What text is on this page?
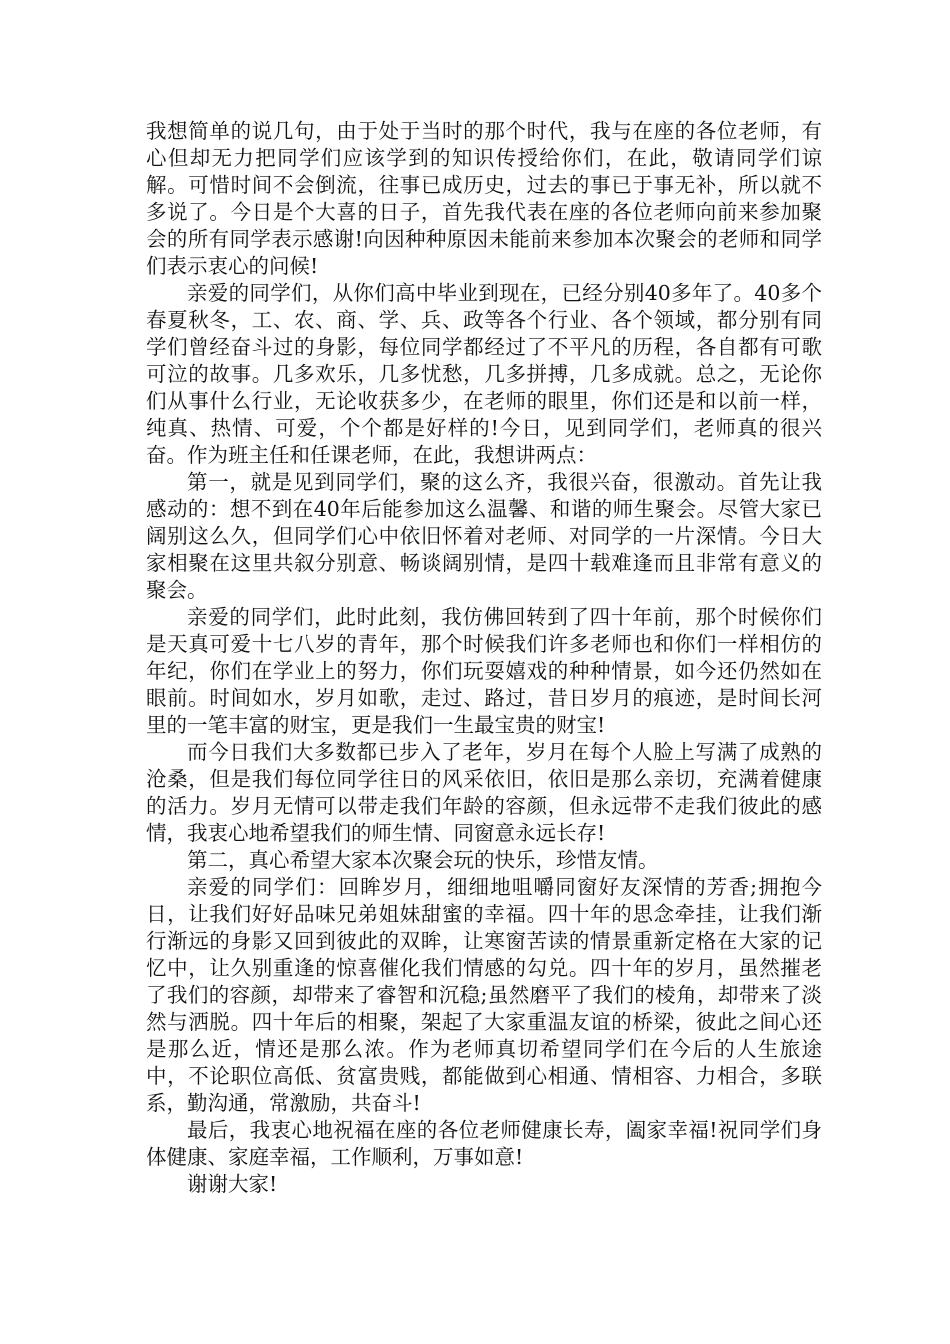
我想简单的说几句，由于处于当时的那个时代，我与在座的各位老师，有心但却无力把同学们应该学到的知识传授给你们，在此，敬请同学们谅解。可惜时间不会倒流，往事已成历史，过去的事已于事无补，所以就不多说了。今日是个大喜的日子，首先我代表在座的各位老师向前来参加聚会的所有同学表示感谢!向因种种原因未能前来参加本次聚会的老师和同学们表示衷心的问候!

亲爱的同学们，从你们高中毕业到现在，已经分别40多年了。40多个春夏秋冬，工、农、商、学、兵、政等各个行业、各个领域，都分别有同学们曾经奋斗过的身影，每位同学都经过了不平凡的历程，各自都有可歌可泣的故事。几多欢乐，几多忧愁，几多拼搏，几多成就。总之，无论你们从事什么行业，无论收获多少，在老师的眼里，你们还是和以前一样，纯真、热情、可爱，个个都是好样的!今日，见到同学们，老师真的很兴奋。作为班主任和任课老师，在此，我想讲两点：

第一，就是见到同学们，聚的这么齐，我很兴奋，很激动。首先让我感动的：想不到在40年后能参加这么温馨、和谐的师生聚会。尽管大家已阔别这么久，但同学们心中依旧怀着对老师、对同学的一片深情。今日大家相聚在这里共叙分别意、畅谈阔别情，是四十载难逢而且非常有意义的聚会。

亲爱的同学们，此时此刻，我仿佛回转到了四十年前，那个时候你们是天真可爱十七八岁的青年，那个时候我们许多老师也和你们一样相仿的年纪，你们在学业上的努力，你们玩耍嬉戏的种种情景，如今还仍然如在眼前。时间如水，岁月如歌，走过、路过，昔日岁月的痕迹，是时间长河里的一笔丰富的财宝，更是我们一生最宝贵的财宝!

而今日我们大多数都已步入了老年，岁月在每个人脸上写满了成熟的沧桑，但是我们每位同学往日的风采依旧，依旧是那么亲切，充满着健康的活力。岁月无情可以带走我们年龄的容颜，但永远带不走我们彼此的感情，我衷心地希望我们的师生情、同窗意永远长存!

第二，真心希望大家本次聚会玩的快乐，珍惜友情。

亲爱的同学们：回眸岁月，细细地咀嚼同窗好友深情的芳香;拥抱今日，让我们好好品味兄弟姐妹甜蜜的幸福。四十年的思念牵挂，让我们渐行渐远的身影又回到彼此的双眸，让寒窗苦读的情景重新定格在大家的记忆中，让久别重逢的惊喜催化我们情感的勾兑。四十年的岁月，虽然摧老了我们的容颜，却带来了睿智和沉稳;虽然磨平了我们的棱角，却带来了淡然与洒脱。四十年后的相聚，架起了大家重温友谊的桥梁，彼此之间心还是那么近，情还是那么浓。作为老师真切希望同学们在今后的人生旅途中，不论职位高低、贫富贵贱，都能做到心相通、情相容、力相合，多联系，勤沟通，常激励，共奋斗!

最后，我衷心地祝福在座的各位老师健康长寿，阖家幸福!祝同学们身体健康、家庭幸福，工作顺利，万事如意!

谢谢大家!
